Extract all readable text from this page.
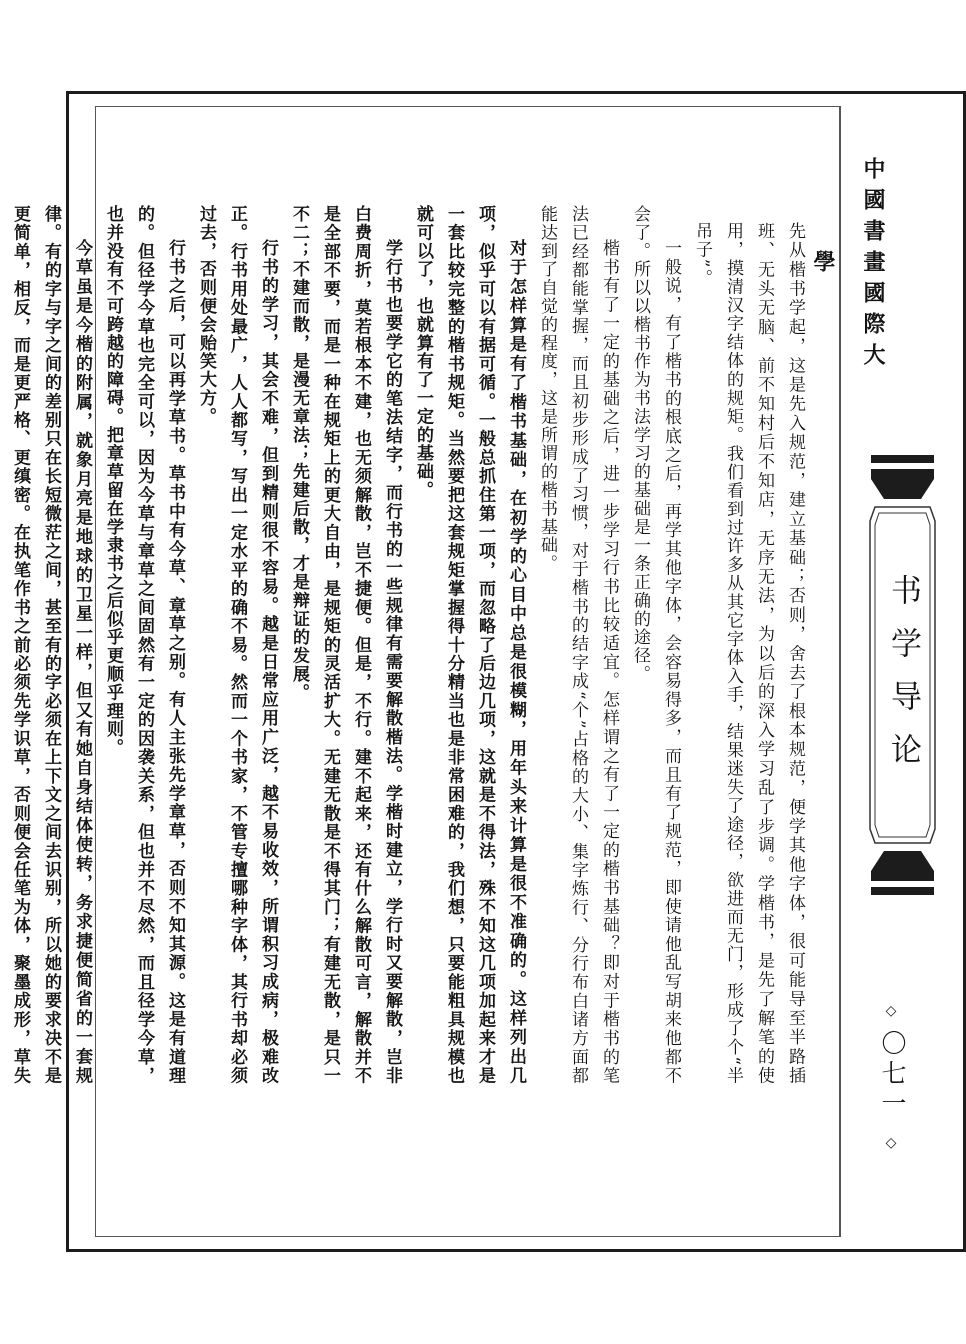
先从楷书学起，这是先入规范，建立基础；否则，舍去了根本规范，便学其他字体，很可能导至半路插班、无头无脑、前不知村后不知店，无序无法，为以后的深入学习乱了步调。学楷书，是先了解笔的使用，摸清汉字结体的规矩。我们看到过许多从其它字体入手，结果迷失了途径，欲进而无门，形成了个“半吊子”。

一般说，有了楷书的根底之后，再学其他字体，会容易得多，而且有了规范，即使请他乱写胡来他都不会了。所以以楷书作为书法学习的基础是一条正确的途径。

楷书有了一定的基础之后，进一步学习行书比较适宜。怎样谓之有了一定的楷书基础？即对于楷书的笔法已经都能掌握，而且初步形成了习惯，对于楷书的结字成“个”占格的大小、集字炼行、分行布白诸方面都能达到了自觉的程度，这是所谓的楷书基础。

对于怎样算是有了楷书基础，在初学的心目中总是很模糊，用年头来计算是很不准确的。这样列出几项，似乎可以有据可循。一般总抓住第一项，而忽略了后边几项，这就是不得法，殊不知这几项加起来才是一套比较完整的楷书规矩。当然要把这套规矩掌握得十分精当也是非常困难的，我们想，只要能粗具规模也就可以了，也就算有了一定的基础。

学行书也要学它的笔法结字，而行书的一些规律有需要解散楷法。学楷时建立，学行时又要解散，岂非白费周折，莫若根本不建，也无须解散，岂不捷便。但是，不行。建不起来，还有什么解散可言，解散并不是全部不要，而是一种在规矩上的更大自由，是规矩的灵活扩大。无建无散是不得其门；有建无散，是只一不二；不建而散，是漫无章法；先建后散，才是辩证的发展。

行书的学习，其会不难，但到精则很不容易。越是日常应用广泛，越不易收效，所谓积习成病，极难改正。行书用处最广，人人都写，写出一定水平的确不易。然而一个书家，不管专擅哪种字体，其行书却必须过去，否则便会贻笑大方。

行书之后，可以再学草书。草书中有今草、章草之别。有人主张先学章草，否则不知其源。这是有道理的。但径学今草也完全可以，因为今草与章草之间固然有一定的因袭关系，但也并不尽然，而且径学今草，也并没有不可跨越的障碍。把章草留在学隶书之后似乎更顺乎理则。

今草虽是今楷的附属，就象月亮是地球的卫星一样，但又有她自身结体使转，务求捷便简省的一套规律。有的字与字之间的差别只在长短微茫之间，甚至有的字必须在上下文之间去识别，所以她的要求决不是更简单，相反，而是更严格、更缜密。在执笔作书之前必须先学识草，否则便会任笔为体，聚墨成形，草失

中國書畫國際大學
书学导论
◇
〇七一
◇
